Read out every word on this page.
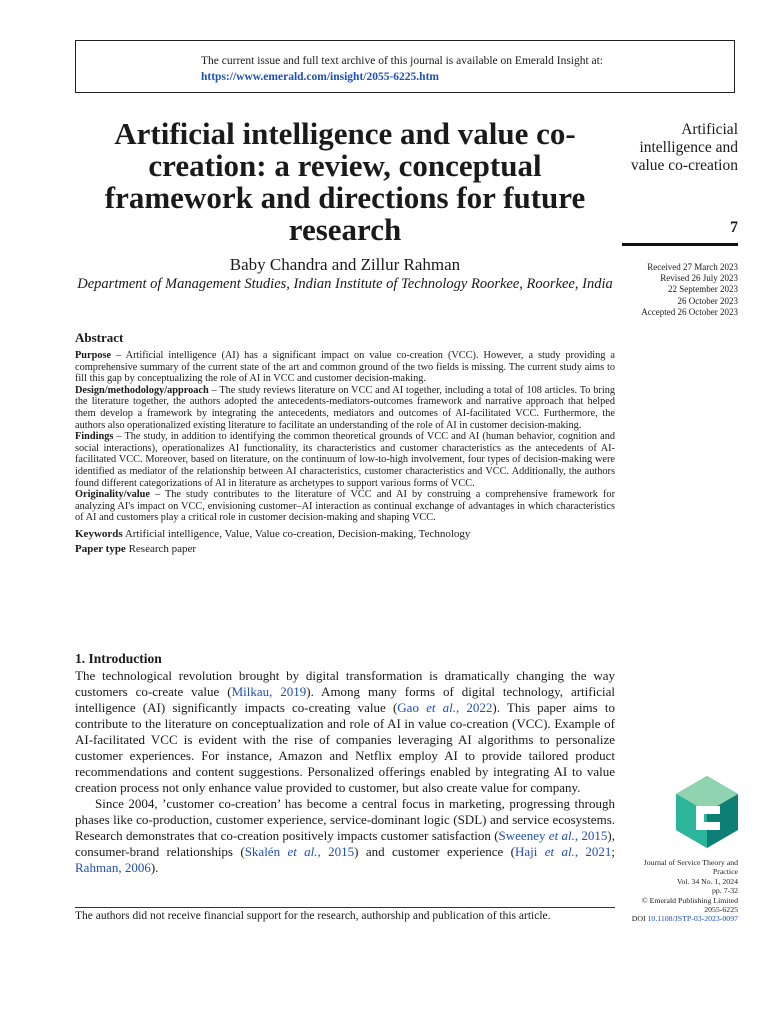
The current issue and full text archive of this journal is available on Emerald Insight at:
https://www.emerald.com/insight/2055-6225.htm
Artificial intelligence and value co-creation: a review, conceptual framework and directions for future research
Baby Chandra and Zillur Rahman
Department of Management Studies, Indian Institute of Technology Roorkee, Roorkee, India
Artificial intelligence and value co-creation
7
Received 27 March 2023
Revised 26 July 2023
22 September 2023
26 October 2023
Accepted 26 October 2023
Abstract

Purpose – Artificial intelligence (AI) has a significant impact on value co-creation (VCC). However, a study providing a comprehensive summary of the current state of the art and common ground of the two fields is missing. The current study aims to fill this gap by conceptualizing the role of AI in VCC and customer decision-making.

Design/methodology/approach – The study reviews literature on VCC and AI together, including a total of 108 articles. To bring the literature together, the authors adopted the antecedents-mediators-outcomes framework and narrative approach that helped them develop a framework by integrating the antecedents, mediators and outcomes of AI-facilitated VCC. Furthermore, the authors also operationalized existing literature to facilitate an understanding of the role of AI in customer decision-making.

Findings – The study, in addition to identifying the common theoretical grounds of VCC and AI (human behavior, cognition and social interactions), operationalizes AI functionality, its characteristics and customer characteristics as the antecedents of AI-facilitated VCC. Moreover, based on literature, on the continuum of low-to-high involvement, four types of decision-making were identified as mediator of the relationship between AI characteristics, customer characteristics and VCC. Additionally, the authors found different categorizations of AI in literature as archetypes to support various forms of VCC.

Originality/value – The study contributes to the literature of VCC and AI by construing a comprehensive framework for analyzing AI's impact on VCC, envisioning customer–AI interaction as continual exchange of advantages in which characteristics of AI and customers play a critical role in customer decision-making and shaping VCC.

Keywords Artificial intelligence, Value, Value co-creation, Decision-making, Technology
Paper type Research paper
1. Introduction

The technological revolution brought by digital transformation is dramatically changing the way customers co-create value (Milkau, 2019). Among many forms of digital technology, artificial intelligence (AI) significantly impacts co-creating value (Gao et al., 2022). This paper aims to contribute to the literature on conceptualization and role of AI in value co-creation (VCC). Example of AI-facilitated VCC is evident with the rise of companies leveraging AI algorithms to personalize customer experiences. For instance, Amazon and Netflix employ AI to provide tailored product recommendations and content suggestions. Personalized offerings enabled by integrating AI to value creation process not only enhance value provided to customer, but also create value for company.

Since 2004, ’customer co-creation’ has become a central focus in marketing, progressing through phases like co-production, customer experience, service-dominant logic (SDL) and service ecosystems. Research demonstrates that co-creation positively impacts customer satisfaction (Sweeney et al., 2015), consumer-brand relationships (Skalén et al., 2015) and customer experience (Haji et al., 2021; Rahman, 2006).

The authors did not receive financial support for the research, authorship and publication of this article.
Journal of Service Theory and
Practice
Vol. 34 No. 1, 2024
pp. 7-32
© Emerald Publishing Limited
2055-6225
DOI 10.1108/JSTP-03-2023-0097
